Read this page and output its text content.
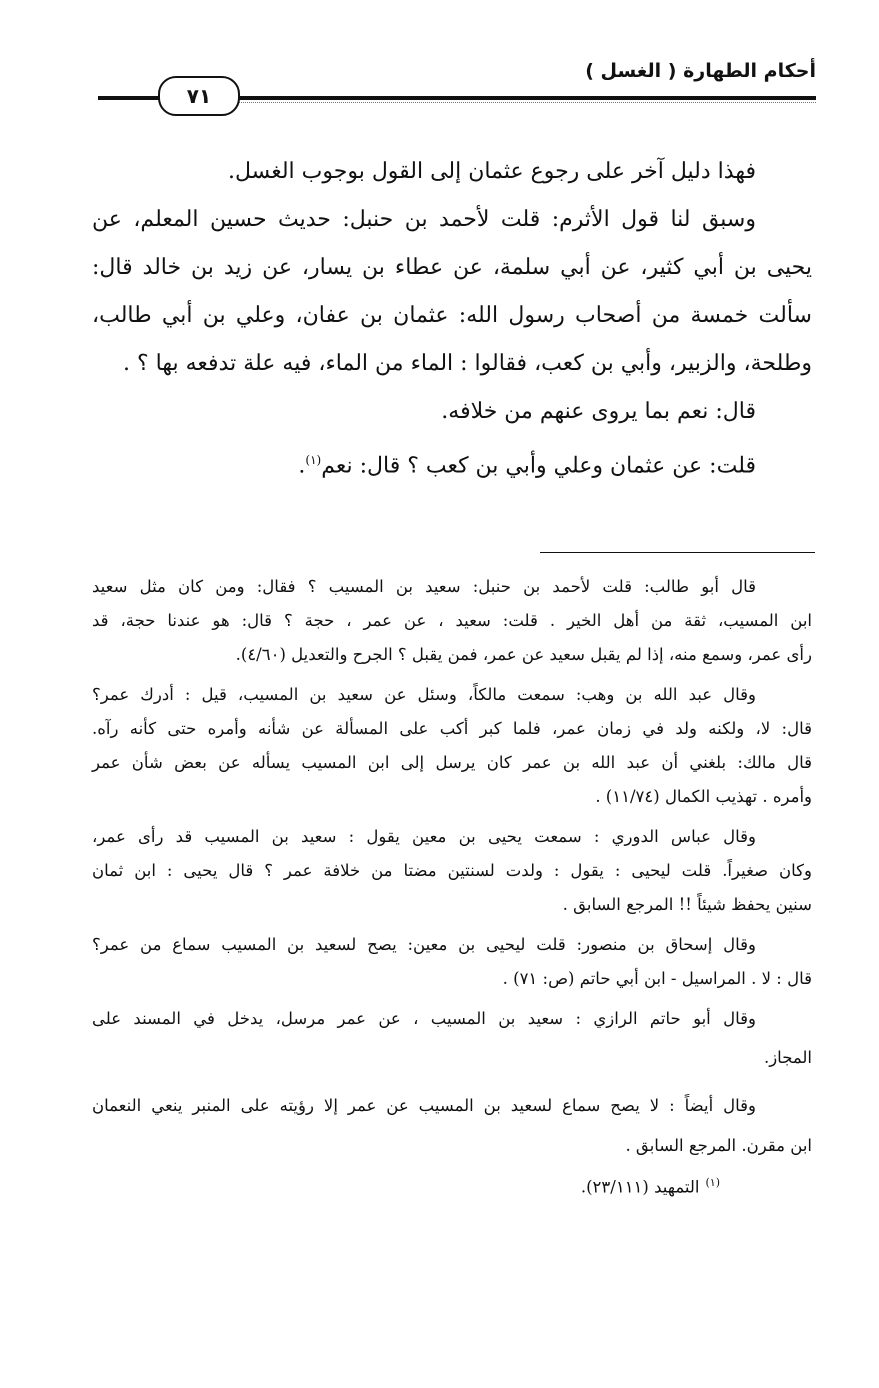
أحكام الطهارة ( الغسل )
٧١

فهذا دليل آخر على رجوع عثمان إلى القول بوجوب الغسل.

وسبق لنا قول الأثرم: قلت لأحمد بن حنبل: حديث حسين المعلم، عن

يحيى بن أبي كثير، عن أبي سلمة، عن عطاء بن يسار، عن زيد بن خالد قال:

سألت خمسة من أصحاب رسول الله: عثمان بن عفان، وعلي بن أبي طالب،

وطلحة، والزبير، وأبي بن كعب، فقالوا : الماء من الماء، فيه علة تدفعه بها ؟ .

قال: نعم بما يروى عنهم من خلافه.

قلت: عن عثمان وعلي وأبي بن كعب ؟ قال: نعم$^{(١)}$.

قال أبو طالب: قلت لأحمد بن حنبل: سعيد بن المسيب ؟ فقال: ومن كان مثل سعيد

ابن المسيب، ثقة من أهل الخير . قلت: سعيد ، عن عمر ، حجة ؟ قال: هو عندنا حجة، قد

رأى عمر، وسمع منه، إذا لم يقبل سعيد عن عمر، فمن يقبل ؟ الجرح والتعديل (٤/٦٠).

وقال عبد الله بن وهب: سمعت مالكاً، وسئل عن سعيد بن المسيب، قيل : أدرك عمر؟

قال: لا، ولكنه ولد في زمان عمر، فلما كبر أكب على المسألة عن شأنه وأمره حتى كأنه رآه.

قال مالك: بلغني أن عبد الله بن عمر كان يرسل إلى ابن المسيب يسأله عن بعض شأن عمر

وأمره . تهذيب الكمال (١١/٧٤) .

وقال عباس الدوري : سمعت يحيى بن معين يقول : سعيد بن المسيب قد رأى عمر،

وكان صغيراً. قلت ليحيى : يقول : ولدت لسنتين مضتا من خلافة عمر ؟ قال يحيى : ابن ثمان

سنين يحفظ شيئاً !! المرجع السابق .

وقال إسحاق بن منصور: قلت ليحيى بن معين: يصح لسعيد بن المسيب سماع من عمر؟

قال : لا . المراسيل - ابن أبي حاتم (ص: ٧١) .

وقال أبو حاتم الرازي : سعيد بن المسيب ، عن عمر مرسل، يدخل في المسند على

المجاز.

وقال أيضاً : لا يصح سماع لسعيد بن المسيب عن عمر إلا رؤيته على المنبر ينعي النعمان

ابن مقرن. المرجع السابق .

$^{(١)}$التمهيد (٢٣/١١١).
